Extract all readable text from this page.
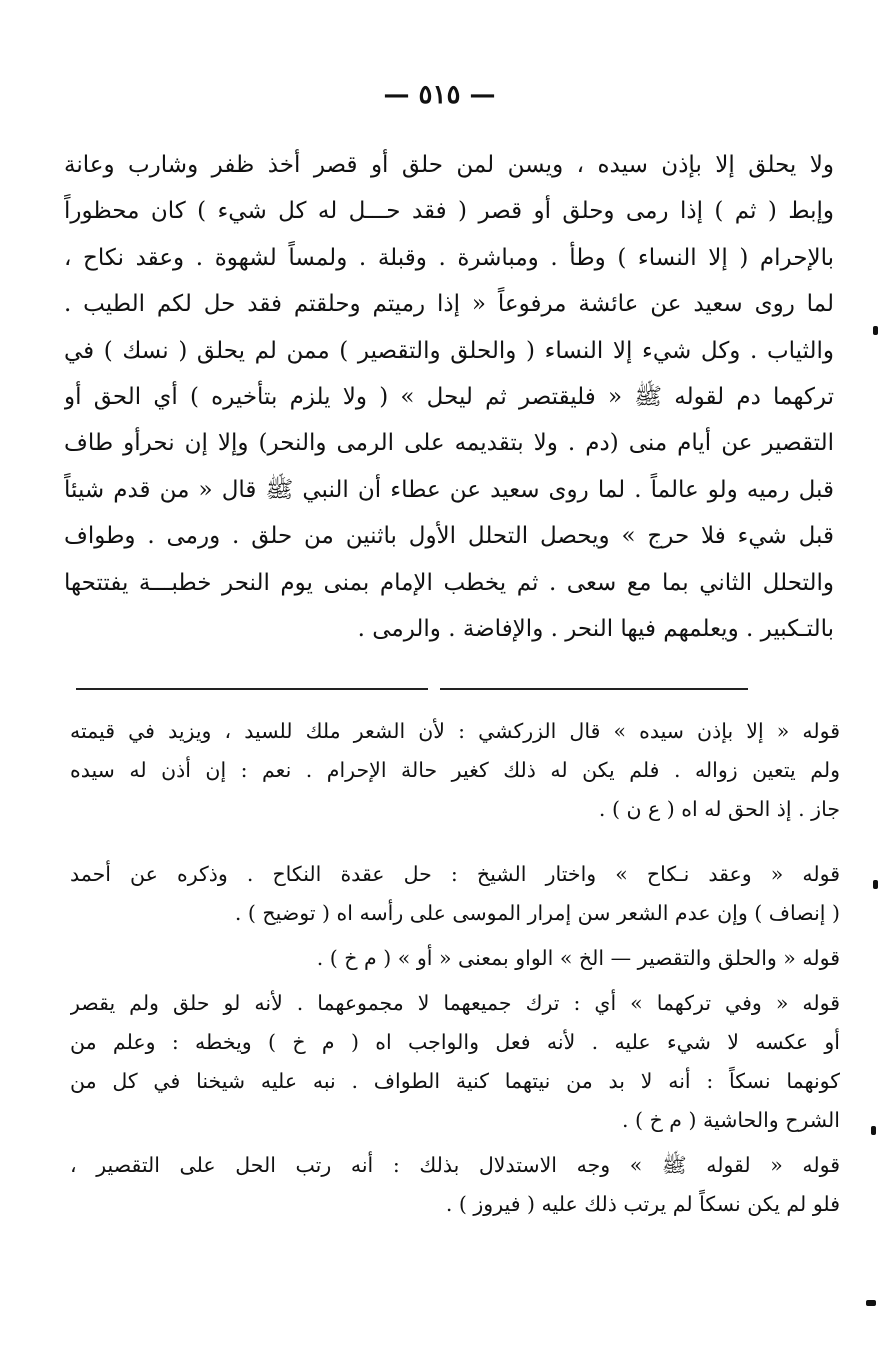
— ٥١٥ —
ولا يحلق إلا بإذن سيده ، ويسن لمن حلق أو قصر أخذ ظفر وشارب وعانة
وإبط ( ثم ) إذا رمى وحلق أو قصر ( فقد حـــل له كل شيء ) كان محظوراً
بالإحرام ( إلا النساء ) وطأ . ومباشرة . وقبلة . ولمساً لشهوة . وعقد نكاح ،
لما روى سعيد عن عائشة مرفوعاً « إذا رميتم وحلقتم فقد حل لكم الطيب .
والثياب . وكل شيء إلا النساء ( والحلق والتقصير ) ممن لم يحلق ( نسك ) في
تركهما دم لقوله ﷺ « فليقتصر ثم ليحل » ( ولا يلزم بتأخيره ) أي الحق أو
التقصير عن أيام منى (دم . ولا بتقديمه على الرمى والنحر) وإلا إن نحرأو طاف
قبل رميه ولو عالماً . لما روى سعيد عن عطاء أن النبي ﷺ قال « من قدم شيئاً
قبل شيء فلا حرج » ويحصل التحلل الأول باثنين من حلق . ورمى . وطواف
والتحلل الثاني بما مع سعى . ثم يخطب الإمام بمنى يوم النحر خطبـــة يفتتحها
بالتـكبير . ويعلمهم فيها النحر . والإفاضة . والرمى .
قوله « إلا بإذن سيده » قال الزركشي : لأن الشعر ملك للسيد ، ويزيد في قيمته
ولم يتعين زواله . فلم يكن له ذلك كغير حالة الإحرام . نعم : إن أذن له سيده
جاز . إذ الحق له اه ( ع ن ) .
قوله « وعقد نـكاح » واختار الشيخ : حل عقدة النكاح . وذكره عن أحمد
( إنصاف ) وإن عدم الشعر سن إمرار الموسى على رأسه اه ( توضيح ) .
قوله « والحلق والتقصير — الخ » الواو بمعنى « أو » ( م خ ) .
قوله « وفي تركهما » أي : ترك جميعهما لا مجموعهما . لأنه لو حلق ولم يقصر
أو عكسه لا شيء عليه . لأنه فعل والواجب اه ( م خ ) ويخطه : وعلم من
كونهما نسكاً : أنه لا بد من نيتهما كنية الطواف . نبه عليه شيخنا في كل من
الشرح والحاشية ( م خ ) .
قوله « لقوله ﷺ » وجه الاستدلال بذلك : أنه رتب الحل على التقصير ،
فلو لم يكن نسكاً لم يرتب ذلك عليه ( فيروز ) .
